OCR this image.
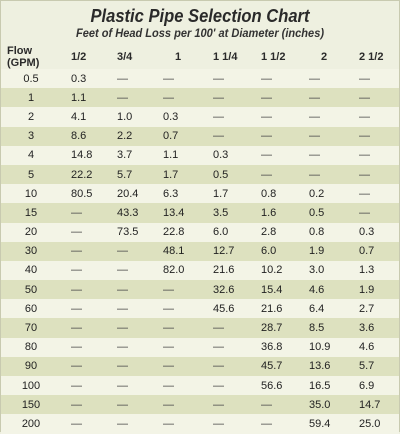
Plastic Pipe Selection Chart
Feet of Head Loss per 100' at Diameter (inches)
Flow (GPM)	1/2	3/4	1	1 1/4	1 1/2	2	2 1/2
0.5	0.3	—	—	—	—	—	—
1	1.1	—	—	—	—	—	—
2	4.1	1.0	0.3	—	—	—	—
3	8.6	2.2	0.7	—	—	—	—
4	14.8	3.7	1.1	0.3	—	—	—
5	22.2	5.7	1.7	0.5	—	—	—
10	80.5	20.4	6.3	1.7	0.8	0.2	—
15	—	43.3	13.4	3.5	1.6	0.5	—
20	—	73.5	22.8	6.0	2.8	0.8	0.3
30	—	—	48.1	12.7	6.0	1.9	0.7
40	—	—	82.0	21.6	10.2	3.0	1.3
50	—	—	—	32.6	15.4	4.6	1.9
60	—	—	—	45.6	21.6	6.4	2.7
70	—	—	—	—	28.7	8.5	3.6
80	—	—	—	—	36.8	10.9	4.6
90	—	—	—	—	45.7	13.6	5.7
100	—	—	—	—	56.6	16.5	6.9
150	—	—	—	—	—	35.0	14.7
200	—	—	—	—	—	59.4	25.0
